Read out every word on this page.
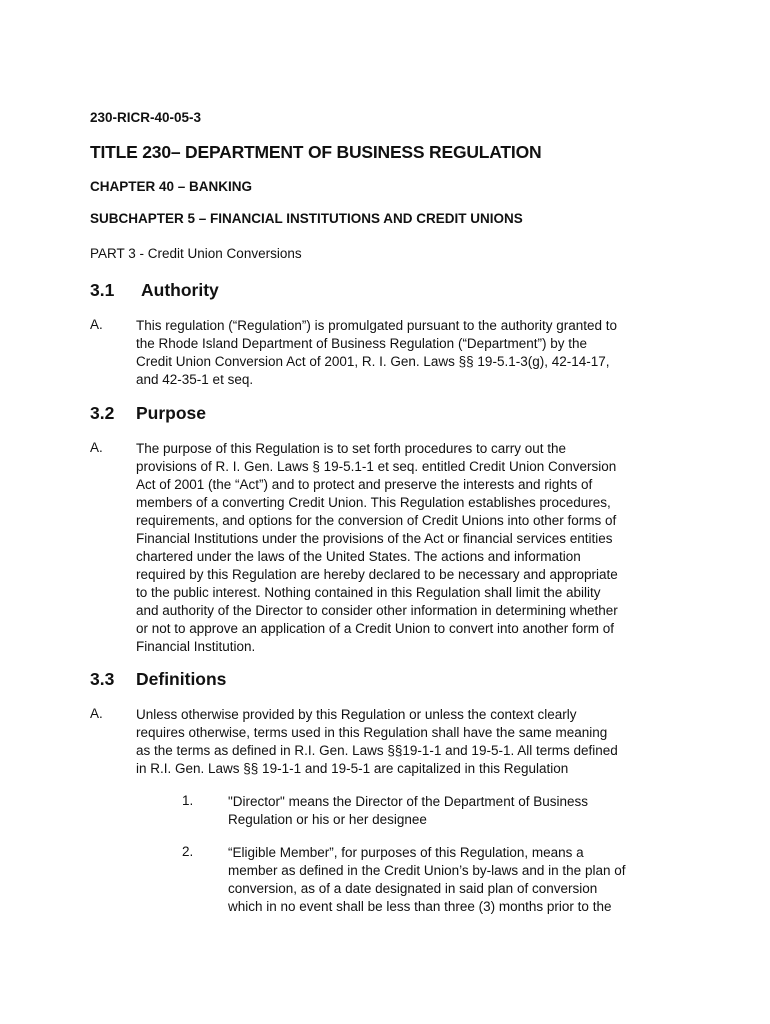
230-RICR-40-05-3
TITLE 230– DEPARTMENT OF BUSINESS REGULATION
CHAPTER 40 – BANKING
SUBCHAPTER 5 – FINANCIAL INSTITUTIONS AND CREDIT UNIONS
PART 3 - Credit Union Conversions
3.1 Authority
A. This regulation (“Regulation”) is promulgated pursuant to the authority granted to
the Rhode Island Department of Business Regulation (“Department”) by the
Credit Union Conversion Act of 2001, R. I. Gen. Laws §§ 19-5.1-3(g), 42-14-17,
and 42-35-1 et seq.
3.2 Purpose
A. The purpose of this Regulation is to set forth procedures to carry out the
provisions of R. I. Gen. Laws § 19-5.1-1 et seq. entitled Credit Union Conversion
Act of 2001 (the “Act”) and to protect and preserve the interests and rights of
members of a converting Credit Union. This Regulation establishes procedures,
requirements, and options for the conversion of Credit Unions into other forms of
Financial Institutions under the provisions of the Act or financial services entities
chartered under the laws of the United States. The actions and information
required by this Regulation are hereby declared to be necessary and appropriate
to the public interest. Nothing contained in this Regulation shall limit the ability
and authority of the Director to consider other information in determining whether
or not to approve an application of a Credit Union to convert into another form of
Financial Institution.
3.3 Definitions
A. Unless otherwise provided by this Regulation or unless the context clearly
requires otherwise, terms used in this Regulation shall have the same meaning
as the terms as defined in R.I. Gen. Laws §§19-1-1 and 19-5-1. All terms defined
in R.I. Gen. Laws §§ 19-1-1 and 19-5-1 are capitalized in this Regulation
1.	"Director" means the Director of the Department of Business
Regulation or his or her designee
2.	“Eligible Member”, for purposes of this Regulation, means a
member as defined in the Credit Union’s by-laws and in the plan of
conversion, as of a date designated in said plan of conversion
which in no event shall be less than three (3) months prior to the
